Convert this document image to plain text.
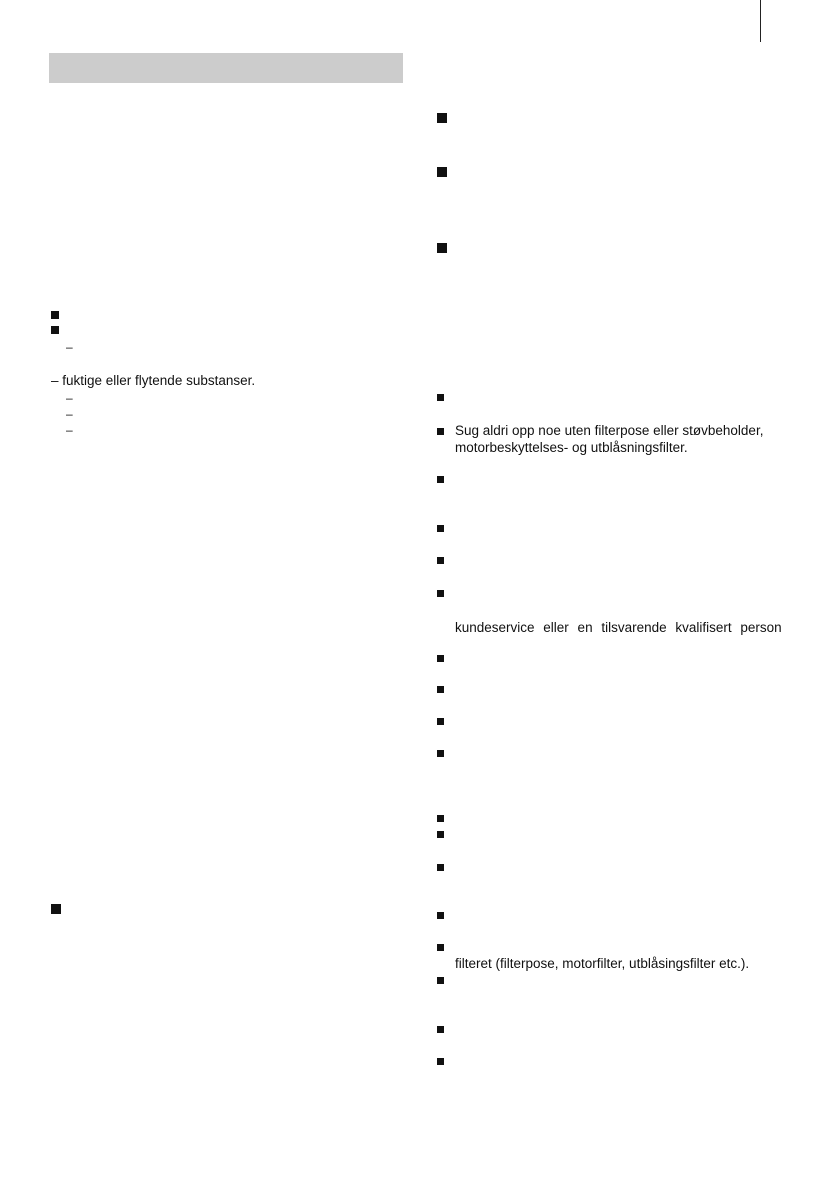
–
– fuktige eller flytende substanser.
–
–
–	Sug aldri opp noe uten filterpose eller støvbeholder,
motorbeskyttelses- og utblåsningsfilter.
kundeservice eller en tilsvarende kvalifisert person
filteret (filterpose, motorfilter, utblåsingsfilter etc.).
